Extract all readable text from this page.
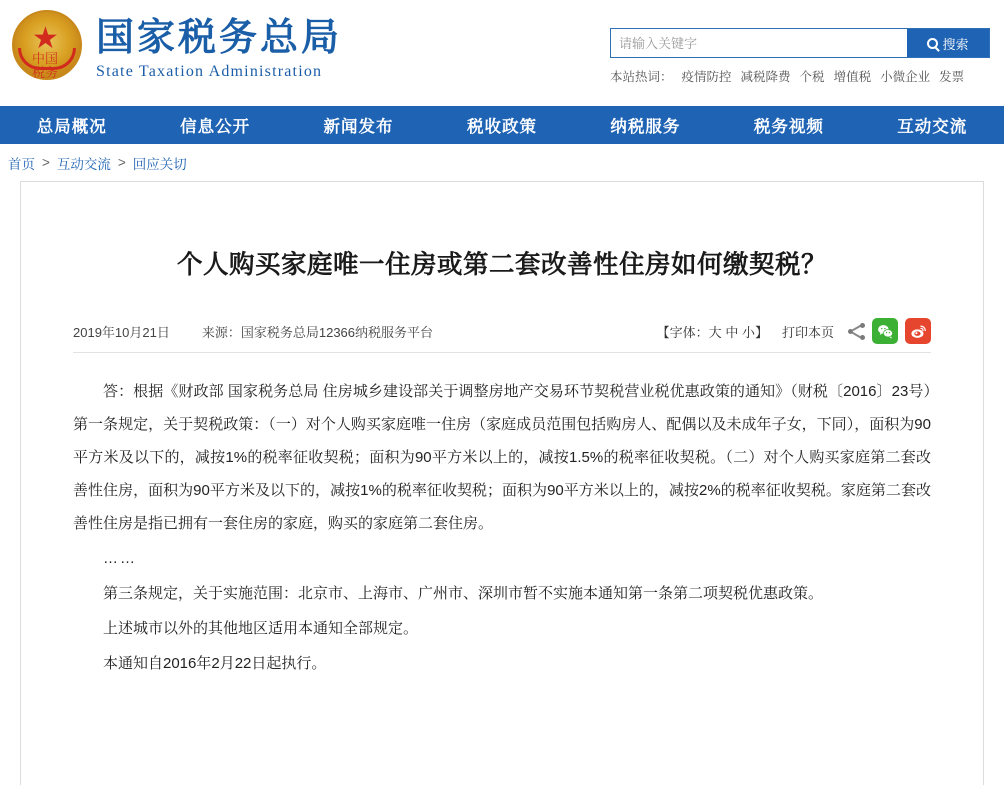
★ 国家税务总局
State Taxation Administration
中国
税务
请输入关键字
搜索
本站热词： 疫情防控 减税降费 个税 增值税 小微企业 发票
总局概况	信息公开	新闻发布	税收政策	纳税服务	税务视频	互动交流
首页 > 互动交流 > 回应关切
个人购买家庭唯一住房或第二套改善性住房如何缴契税？
2019年10月21日 来源：国家税务总局12366纳税服务平台	【字体：大 中 小】 打印本页

答：根据《财政部 国家税务总局 住房城乡建设部关于调整房地产交易环节契税营业税优惠政策的通知》（财税〔2016〕23号）第一条规定，关于契税政策：（一）对个人购买家庭唯一住房（家庭成员范围包括购房人、配偶以及未成年子女，下同），面积为90平方米及以下的，减按1%的税率征收契税；面积为90平方米以上的，减按1.5%的税率征收契税。（二）对个人购买家庭第二套改善性住房，面积为90平方米及以下的，减按1%的税率征收契税；面积为90平方米以上的，减按2%的税率征收契税。家庭第二套改善性住房是指已拥有一套住房的家庭，购买的家庭第二套住房。

……

第三条规定，关于实施范围：北京市、上海市、广州市、深圳市暂不实施本通知第一条第二项契税优惠政策。

上述城市以外的其他地区适用本通知全部规定。

本通知自2016年2月22日起执行。
